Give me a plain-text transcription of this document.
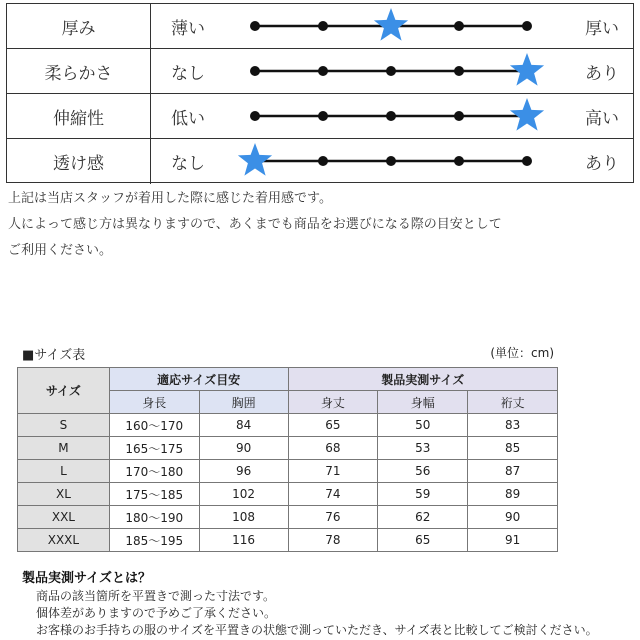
厚み	薄い	厚い
柔らかさ	なし	あり
伸縮性	低い	高い
透け感	なし	あり

上記は当店スタッフが着用した際に感じた着用感です。

人によって感じ方は異なりますので、あくまでも商品をお選びになる際の目安として

ご利用ください。

■サイズ表	(単位：cm)
サイズ	適応サイズ目安		製品実測サイズ		
	身長	胸囲	身丈	身幅	裄丈
S	160〜170	84	65	50	83
M	165〜175	90	68	53	85
L	170〜180	96	71	56	87
XL	175〜185	102	74	59	89
XXL	180〜190	108	76	62	90
XXXL	185〜195	116	78	65	91
製品実測サイズとは？

商品の該当箇所を平置きで測った寸法です。

個体差がありますので予めご了承ください。

お客様のお手持ちの服のサイズを平置きの状態で測っていただき、サイズ表と比較してご検討ください。
